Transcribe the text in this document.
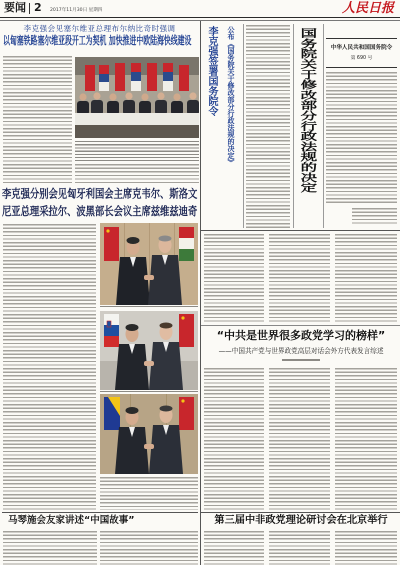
要闻 2 2017年11月30日 星期四	人民日报
李克强会见塞尔维亚总理布尔纳比奇时强调
以匈塞铁路塞尔维亚段开工为契机 加快推进中欧陆海快线建设
李克强分别会见匈牙利国会主席克韦尔、斯洛文尼亚总理采拉尔、波黑部长会议主席兹维兹迪奇
马琴施会友家讲述“中国故事”
李克强签署国务院令 公布《国务院关于修改部分行政法规的决定》	国务院关于修改部分行政法规的决定	中华人民共和国国务院令
第 690 号
“中共是世界很多政党学习的榜样”
——中国共产党与世界政党高层对话会外方代表发言综述
第三届中非政党理论研讨会在北京举行
